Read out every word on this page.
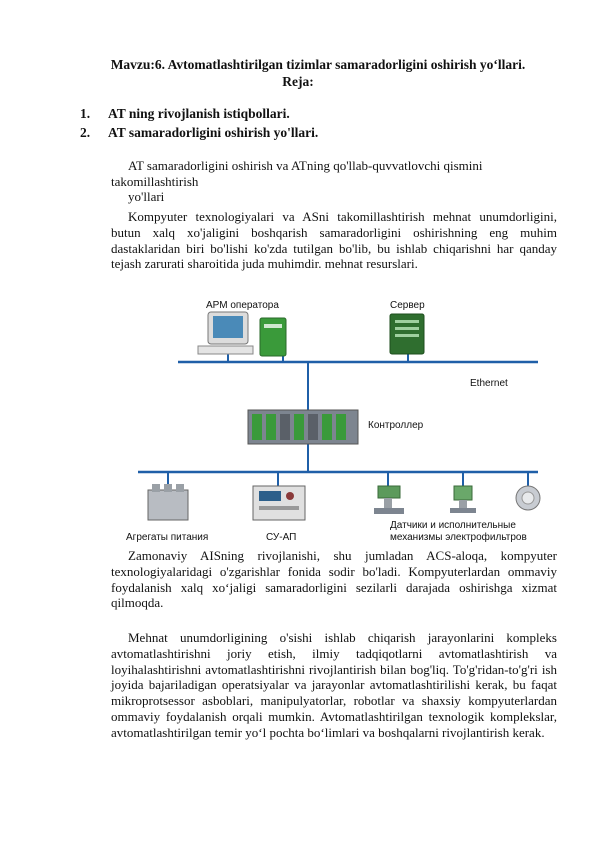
Mavzu:6. Avtomatlashtirilgan tizimlar samaradorligini oshirish yo‘llari.
Reja:
1.	AT ning rivojlanish istiqbollari.
2.	AT samaradorligini oshirish yo'llari.
AT samaradorligini oshirish va ATning qo'llab-quvvatlovchi qismini
takomillashtirish
yo'llari
Kompyuter texnologiyalari va ASni takomillashtirish mehnat unumdorligini, butun xalq xo'jaligini boshqarish samaradorligini oshirishning eng muhim dastaklaridan biri bo'lishi ko'zda tutilgan bo'lib, bu ishlab chiqarishni har qanday tejash zarurati sharoitida juda muhimdir. mehnat resurslari.
АРМ оператора	Сервер
Ethernet
Контроллер
Агрегаты питания	СУ-АП
Датчики и исполнительные
механизмы электрофильтров
Zamonaviy AISning rivojlanishi, shu jumladan ACS-aloqa, kompyuter texnologiyalaridagi o'zgarishlar fonida sodir bo'ladi. Kompyuterlardan ommaviy foydalanish xalq xo‘jaligi samaradorligini sezilarli darajada oshirishga xizmat qilmoqda.
Mehnat unumdorligining o'sishi ishlab chiqarish jarayonlarini kompleks avtomatlashtirishni joriy etish, ilmiy tadqiqotlarni avtomatlashtirish va loyihalashtirishni avtomatlashtirishni rivojlantirish bilan bog'liq. To'g'ridan-to'g'ri ish joyida bajariladigan operatsiyalar va jarayonlar avtomatlashtirilishi kerak, bu faqat mikroprotsessor asboblari, manipulyatorlar, robotlar va shaxsiy kompyuterlardan ommaviy foydalanish orqali mumkin. Avtomatlashtirilgan texnologik komplekslar, avtomatlashtirilgan temir yo‘l pochta bo‘limlari va boshqalarni rivojlantirish kerak.
